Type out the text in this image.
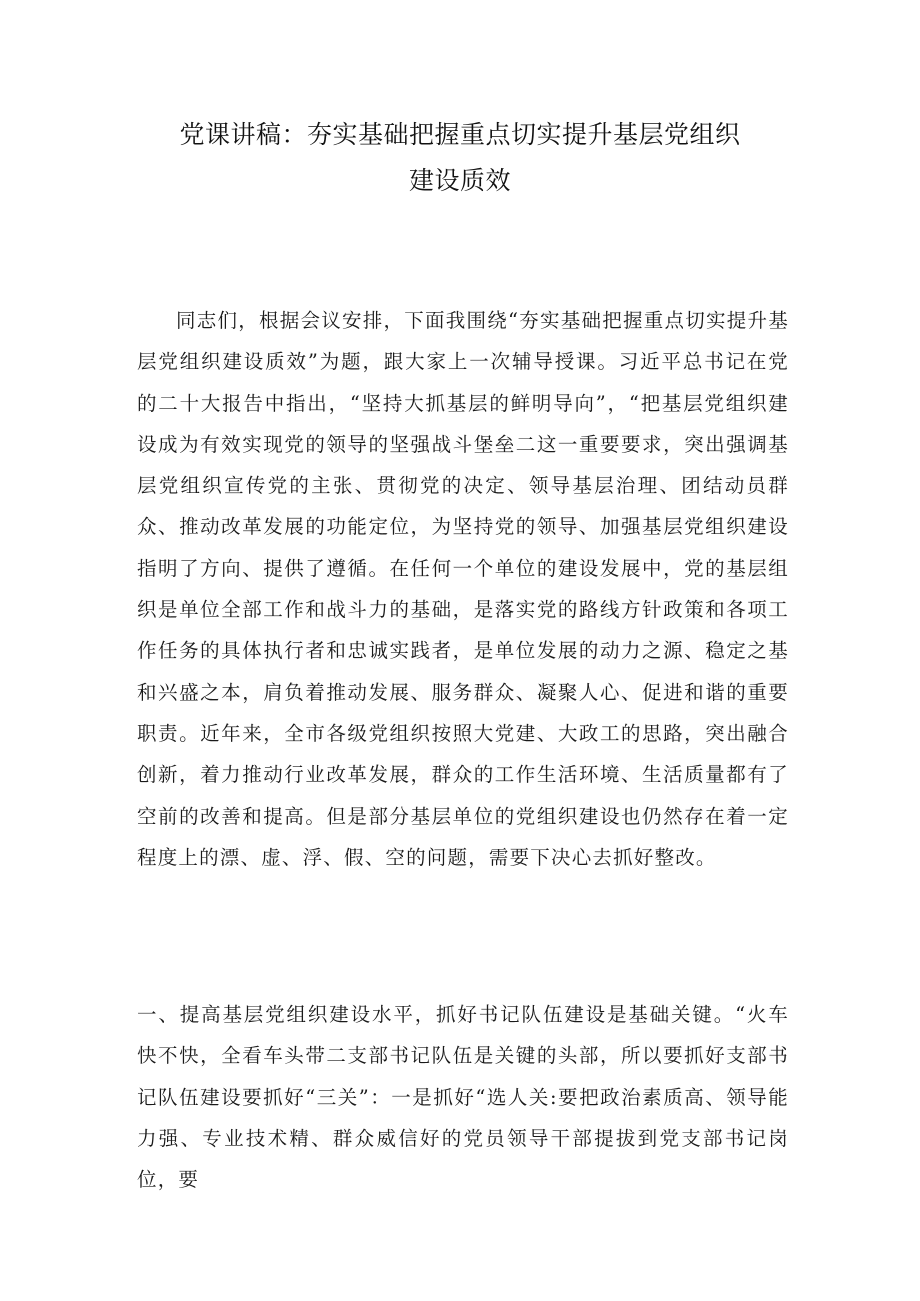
党课讲稿：夯实基础把握重点切实提升基层党组织
建设质效

同志们，根据会议安排，下面我围绕“夯实基础把握重点切实提升基层党组织建设质效”为题，跟大家上一次辅导授课。习近平总书记在党的二十大报告中指出，“坚持大抓基层的鲜明导向”，“把基层党组织建设成为有效实现党的领导的坚强战斗堡垒二这一重要要求，突出强调基层党组织宣传党的主张、贯彻党的决定、领导基层治理、团结动员群众、推动改革发展的功能定位，为坚持党的领导、加强基层党组织建设指明了方向、提供了遵循。在任何一个单位的建设发展中，党的基层组织是单位全部工作和战斗力的基础，是落实党的路线方针政策和各项工作任务的具体执行者和忠诚实践者，是单位发展的动力之源、稳定之基和兴盛之本，肩负着推动发展、服务群众、凝聚人心、促进和谐的重要职责。近年来，全市各级党组织按照大党建、大政工的思路，突出融合创新，着力推动行业改革发展，群众的工作生活环境、生活质量都有了空前的改善和提高。但是部分基层单位的党组织建设也仍然存在着一定程度上的漂、虚、浮、假、空的问题，需要下决心去抓好整改。

一、提高基层党组织建设水平，抓好书记队伍建设是基础关键。“火车快不快，全看车头带二支部书记队伍是关键的头部，所以要抓好支部书记队伍建设要抓好“三关”：一是抓好“选人关:要把政治素质高、领导能力强、专业技术精、群众威信好的党员领导干部提拔到党支部书记岗位，要
